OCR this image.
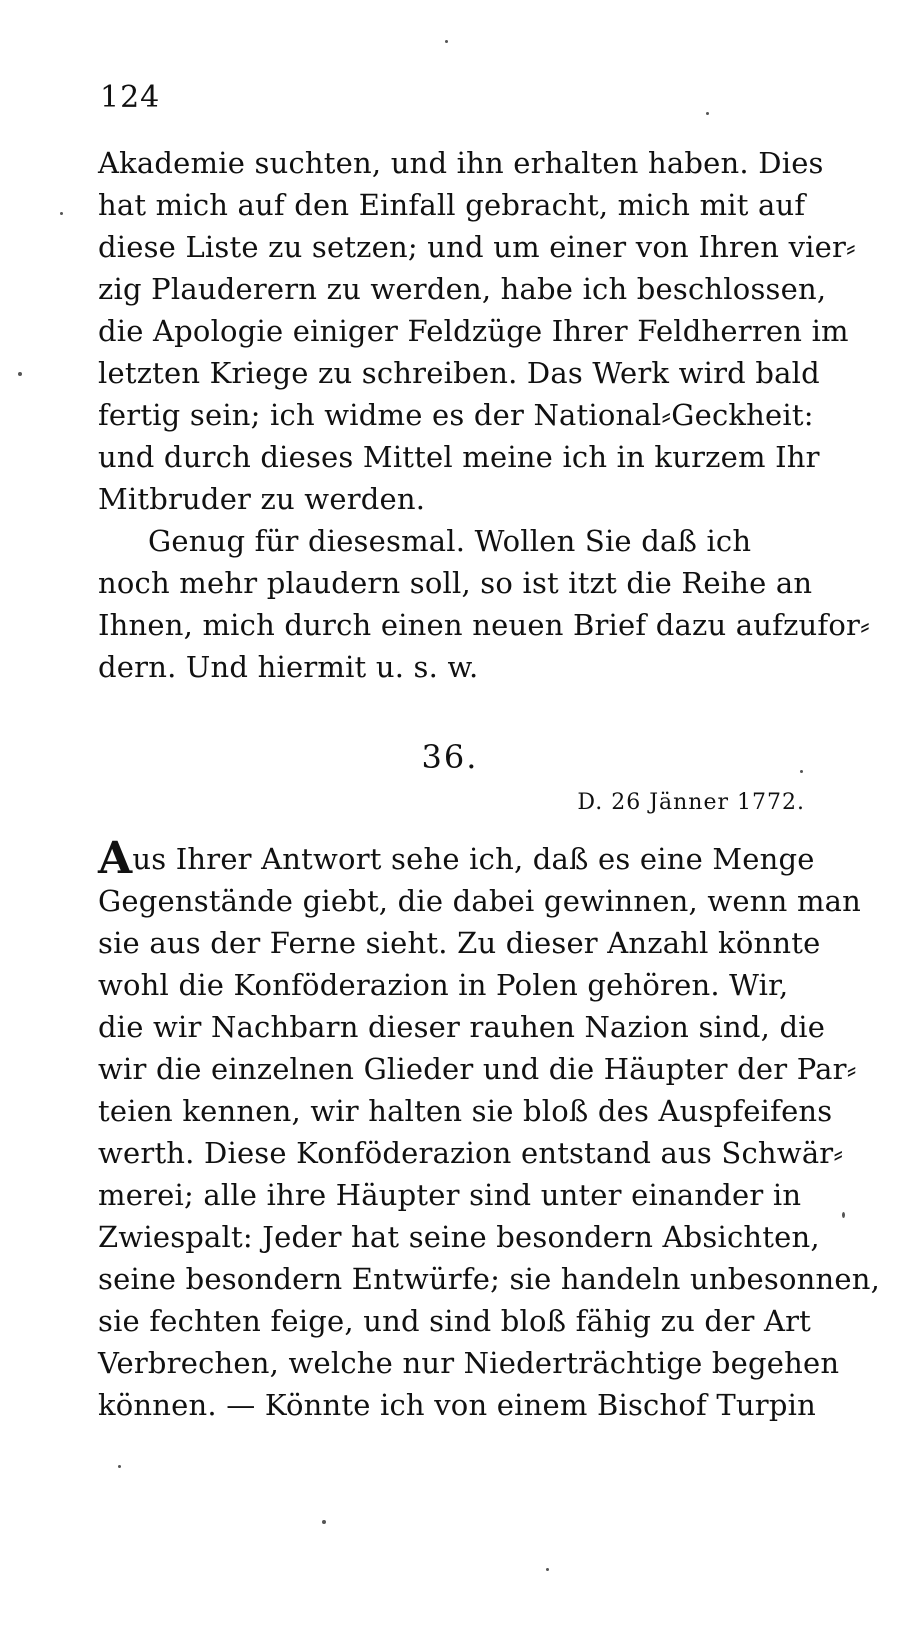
124
Akademie suchten, und ihn erhalten haben. Dies
hat mich auf den Einfall gebracht, mich mit auf
diese Liste zu setzen; und um einer von Ihren vier⸗
zig Plauderern zu werden, habe ich beschlossen,
die Apologie einiger Feldzüge Ihrer Feldherren im
letzten Kriege zu schreiben. Das Werk wird bald
fertig sein; ich widme es der National⸗Geckheit:
und durch dieses Mittel meine ich in kurzem Ihr
Mitbruder zu werden.
Genug für diesesmal. Wollen Sie daß ich
noch mehr plaudern soll, so ist itzt die Reihe an
Ihnen, mich durch einen neuen Brief dazu aufzufor⸗
dern. Und hiermit u. s. w.
36.
D. 26 Jänner 1772.
Aus Ihrer Antwort sehe ich, daß es eine Menge
Gegenstände giebt, die dabei gewinnen, wenn man
sie aus der Ferne sieht. Zu dieser Anzahl könnte
wohl die Konföderazion in Polen gehören. Wir,
die wir Nachbarn dieser rauhen Nazion sind, die
wir die einzelnen Glieder und die Häupter der Par⸗
teien kennen, wir halten sie bloß des Auspfeifens
werth. Diese Konföderazion entstand aus Schwär⸗
merei; alle ihre Häupter sind unter einander in
Zwiespalt: Jeder hat seine besondern Absichten,
seine besondern Entwürfe; sie handeln unbesonnen,
sie fechten feige, und sind bloß fähig zu der Art
Verbrechen, welche nur Niederträchtige begehen
können. — Könnte ich von einem Bischof Turpin
